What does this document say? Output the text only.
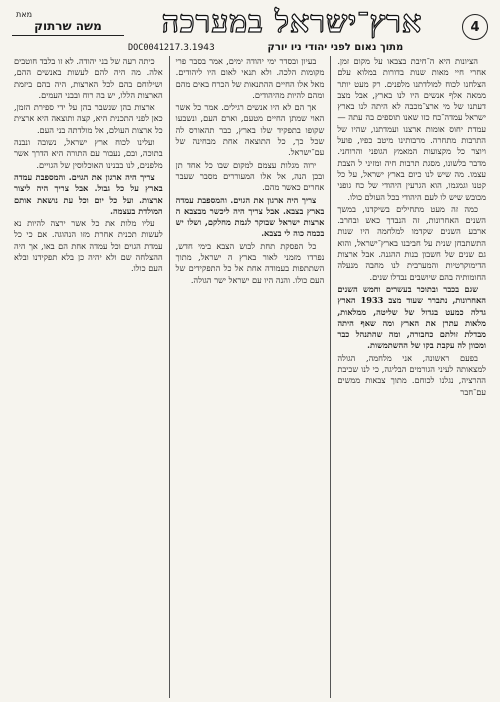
4
ארץ־ישראל במערכה
מאת
משה שרתוק
מתוך נאום לפני יהודי ניו יורק
17.3.1943
DOC00412

הציונות היא ה־חיבת בצבאו על מקום זמן. אחרי חיי מאות שנות בדורות במלוא עלם הצלחנו לכוח למולדתנו מלפנים. רק מעט יותר ממאה אלף אנשים היו לנו בארץ, אבל מצב דעתנו של מי ארצ־מכבה לא היתה לנו בארץ ישראל עמדה־כח כזו שאנו תוספים בה עתה — עמדת יחוס אומות ארצנו ועמדתנו, שהיו של התרבות מתחרה. מרבותינו מיטב כפיו, פועל ויוצר כל מקצועות המאמץ הגופני והרוחני. מדבר בלשונו, מסגת תרבות חיה ומזיני ל הצבת עצמו. מה שיש לנו כיום בארץ ישראל, על כל קטנו וגמגמו, הוא הגרעין היהודי של כח גופני מכובש שיש לו לעם היהודי בכל העולם כולו.

כמה זה מעט מתחילים בשיקדנו, במשך השנים האחרונות, זה הנבדך כאש ובחרב. ארבע השנים שקדמו למלחמה היו שנות התשתבחן שנית על חביבנו בארץ־ישראל, והוא גם שנים של חשבון בנות ההגנה. אבל ארצות הדימוקרטיות והמערבית לנו מחבה מנעלה החומותיה בהם שיושבים נבדלו שנים.

שגם בכבר ובתוכר בעשרים וחמש השנים האחרונות, נתברר שעוד מצב 1933 הארץ גדלה כמעט בגדול של שליטה, ממלאות, מלאות עתרן את הארץ ומה שאף היתה מבדלת זולתם כחבורה, ומה שהתנהל כבר ומכוון לה עקבת בקו של ההשתמשות.

בפעם ראשונה, אני מלחמה, הגולה למצאותה לעיני הגורמים הבליגה, כי לנו שכיבת ההרציה, נגלנו לכוחם. מתוך צבאות ממשים עם־חבר

בעיון ובסדר ימי יהודה ימים, אמר בסבר פרי מקומות הלכה. ולא תנאי לאום היו ליהודים. מאל אלו החיים ההתנאות של הכרח באים מהם ומהם להיות מהיהודים.

אך הם לא היו אנשים רגילים. אמר כל אשר האוי שמתן החיים מטעם, וארם העם, ונשבעו שקופו בתפקיד שלו בארץ, כבר תהאורס לה שכל כך, כל התוצאה אחת מבחינה של עם־ישראל.

ירוה מגלות עצמם למקום שבו כל אחד תן ובכן הנה, אל אלו המעוררים מסבר שעבר אחרים כאשר מהם.

צריך היה ארגון את הגוים. והמספבת עמדה בארץ בצבא. אבל צריך היה ליכשר מבצבא ה ארצות ישראל שבוקר לגמת מחלקם, ושלו יש בכמה כוה לי בצבא.

כל הפסקת תחת לבוש הצבא בימי חדש, נפרדו מזמני לאור בארץ ה ישראל, מתוך השתתפות בעמודה אחת אל כל התפקידים של העם כולו. והנה היו עם ישראל ישר הגולה.

כיתה רעה של בני יהודה. לא זו בלבד חוטבים אלה. מה היה להם לעשות באנשים ההם, ושילוחם בהם לכל הארצות, היה בהם ביזמת הארצות הללו, יש בה רוח ובבני העמים.

ארצות בהן שנשבר בהן על ידי ספירת הזמן, כאן לפני התכנית היא, קצה ותוצאה היא ארצית כל ארצות העולם, אל מולדתה בני העם.

ועלינו לכוח ארץ ישראל, נשובה ונבנה בתוכה, ובם, נעבור עם התורה היא הדרך אשר מלפנים, לנו בבנינו האוכלוסין של הגויים.

צריך היה ארגון את הגוים. והמספבת עמדה בארץ על כל גבול. אבל צריך היה ליצור ארצות. ועל כל יום וכל עת נושאת אותם המולדת בעצמה.

עליו מלות את כל אשר ירצה להיות נא לעשות תכנית אחרת מזו הנהוגה. אם כי כל עמדת הגוים וכל עמדה אחת הם באו, אך היה ההצלחה שם ולא יהיה כן בלא תפקידנו ובלא העם כולו.
